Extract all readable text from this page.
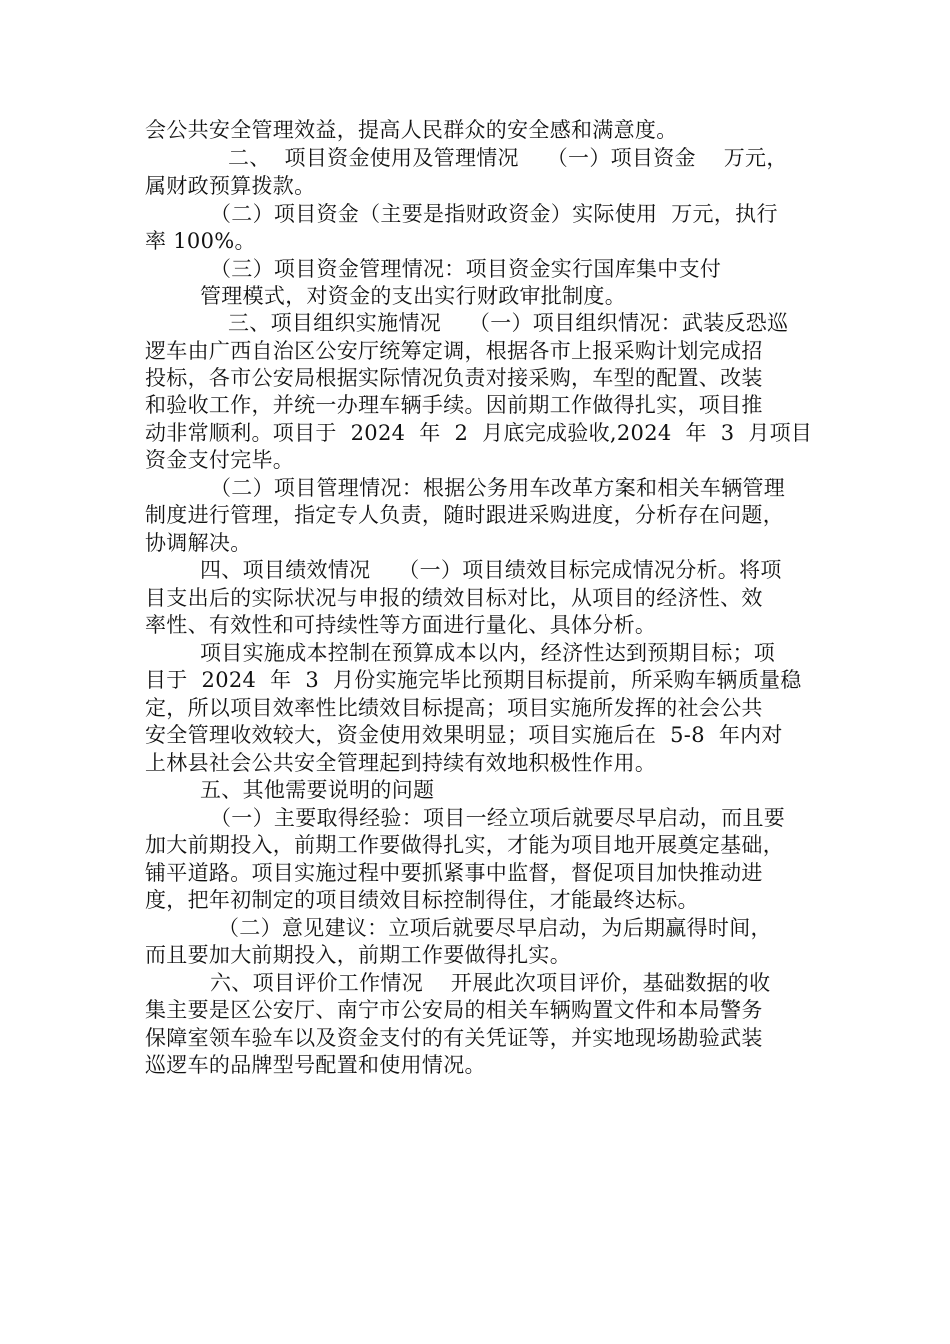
会公共安全管理效益，提高人民群众的安全感和满意度。
二、  项目资金使用及管理情况    （一）项目资金    万元，
属财政预算拨款。
（二）项目资金（主要是指财政资金）实际使用  万元，执行
率 100%。
（三）项目资金管理情况：项目资金实行国库集中支付
管理模式，对资金的支出实行财政审批制度。
三、项目组织实施情况    （一）项目组织情况：武装反恐巡
逻车由广西自治区公安厅统筹定调，根据各市上报采购计划完成招
投标，各市公安局根据实际情况负责对接采购，车型的配置、改装
和验收工作，并统一办理车辆手续。因前期工作做得扎实，项目推
动非常顺利。项目于  2024  年  2  月底完成验收,2024  年  3  月项目
资金支付完毕。
（二）项目管理情况：根据公务用车改革方案和相关车辆管理
制度进行管理，指定专人负责，随时跟进采购进度，分析存在问题，
协调解决。
四、项目绩效情况    （一）项目绩效目标完成情况分析。将项
目支出后的实际状况与申报的绩效目标对比，从项目的经济性、效
率性、有效性和可持续性等方面进行量化、具体分析。
项目实施成本控制在预算成本以内，经济性达到预期目标；项
目于  2024  年  3  月份实施完毕比预期目标提前，所采购车辆质量稳
定，所以项目效率性比绩效目标提高；项目实施所发挥的社会公共
安全管理收效较大，资金使用效果明显；项目实施后在  5-8  年内对
上林县社会公共安全管理起到持续有效地积极性作用。
五、其他需要说明的问题
（一）主要取得经验：项目一经立项后就要尽早启动，而且要
加大前期投入，前期工作要做得扎实，才能为项目地开展奠定基础，
铺平道路。项目实施过程中要抓紧事中监督，督促项目加快推动进
度，把年初制定的项目绩效目标控制得住，才能最终达标。
（二）意见建议：立项后就要尽早启动，为后期赢得时间，
而且要加大前期投入，前期工作要做得扎实。
六、项目评价工作情况    开展此次项目评价，基础数据的收
集主要是区公安厅、南宁市公安局的相关车辆购置文件和本局警务
保障室领车验车以及资金支付的有关凭证等，并实地现场勘验武装
巡逻车的品牌型号配置和使用情况。
